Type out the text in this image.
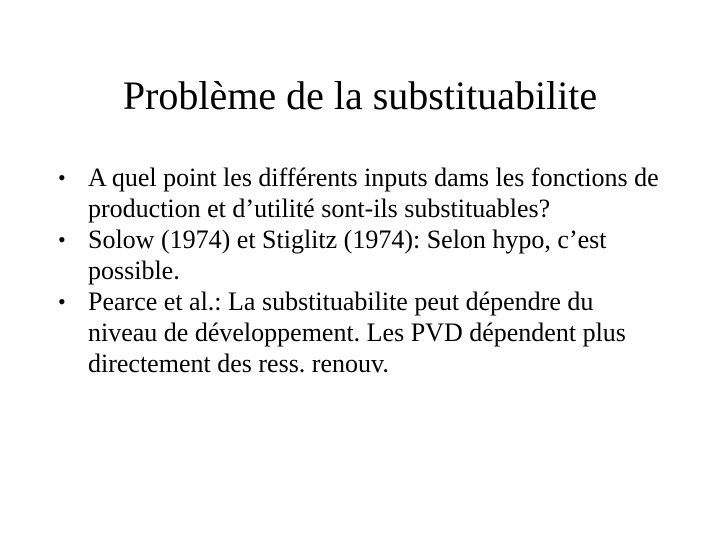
Problème de la substituabilite
• A quel point les différents inputs dams les fonctions de production et d’utilité sont-ils substituables?
• Solow (1974) et Stiglitz (1974): Selon hypo, c’est possible.
• Pearce et al.: La substituabilite peut dépendre du niveau de développement. Les PVD dépendent plus directement des ress. renouv.
